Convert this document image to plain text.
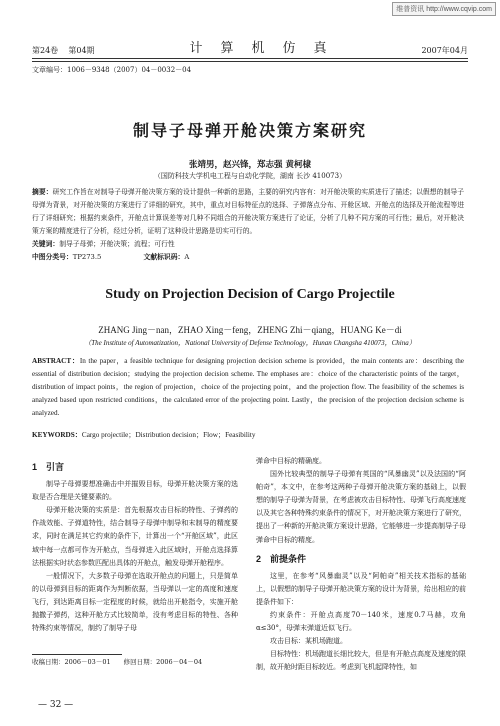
维普资讯 http://www.cqvip.com
第24卷 第04期	计算机仿真	2007年04月
文章编号：1006－9348（2007）04－0032－04
制导子母弹开舱决策方案研究
张靖男，赵兴锋，郑志强 黄柯棣
（国防科技大学机电工程与自动化学院，湖南 长沙 410073）
摘要：研究工作旨在对制导子母弹开舱决策方案的设计提供一种新的思路，主要的研究内容有：对开舱决策的实质进行了描述；以假想的制导子母弹为背景，对开舱决策的方案进行了详细的研究，其中，重点对目标特征点的选择、子弹落点分布、开舱区域、开舱点的选择及开舱流程等进行了详细研究；根据约束条件，开舱点计算误差等对几种不同组合的开舱决策方案进行了论证，分析了几种不同方案的可行性；最后，对开舱决策方案的精度进行了分析，经过分析，证明了这种设计思路是切实可行的。
关键词：制导子母弹；开舱决策；流程；可行性
中图分类号：TP273.5	文献标识码：A
Study on Projection Decision of Cargo Projectile
ZHANG Jing－nan，ZHAO Xing－feng，ZHENG Zhi－qiang，HUANG Ke－di
（The Institute of Automatization，National University of Defense Technology，Hunan Changsha 410073，China）
ABSTRACT：In the paper，a feasible technique for designing projection decision scheme is provided，the main contents are：describing the essential of distribution decision；studying the projection decision scheme. The emphases are：choice of the characteristic points of the target，distribution of impact points，the region of projection，choice of the projecting point，and the projection flow. The feasibility of the schemes is analyzed based upon restricted conditions，the calculated error of the projecting point. Lastly，the precision of the projection decision scheme is analyzed.
KEYWORDS：Cargo projectile；Distribution decision；Flow；Feasibility
1　引言

制导子母弹要想准确击中并摧毁目标，母弹开舱决策方案的选取是否合理是关键要素的。

母弹开舱决策的实质是：首先根据攻击目标的特性、子弹药的作战效能、子弹道特性，结合制导子母弹中制导和末制导的精度要求，同时在满足其它约束的条件下，计算出一个“开舱区域”，此区域中每一点都可作为开舱点，当母弹进入此区域时，开舱点选择算法根据实时状态参数匹配出具体的开舱点，触发母弹开舱程序。

一般情况下，大多数子母弹在选取开舱点的问题上，只是简单的以母弹到目标的距离作为判断依据，当母弹以一定的高度和速度飞行，到达距离目标一定程度的时候，就给出开舱指令，实施开舱抛撒子弹药，这种开舱方式比较简单，没有考虑目标的特性、各种特殊约束等情况，制约了制导子母

弹命中目标的精确度。

国外比较典型的制导子母弹有英国的“风暴幽灵”以及法国的“阿帕奇”，本文中，在参考这两种子母弹开舱决策方案的基础上，以假想的制导子母弹为背景，在考虑被攻击目标特性、母弹飞行高度速度以及其它各种特殊约束条件的情况下，对开舱决策方案进行了研究，提出了一种新的开舱决策方案设计思路，它能够进一步提高制导子母弹命中目标的精度。

2　前提条件

这里，在参考“风暴幽灵”以及“阿帕奇”相关技术指标的基础上，以假想的制导子母弹开舱决策方案的设计为背景，给出相应的前提条件如下：

约束条件：开舱点高度70－140米，速度0.7马赫，攻角α≤30°，母弹末弹道近似飞行。

攻击目标：某机场跑道。

目标特性：机场跑道长细比较大，但是有开舱点高度及速度的限制，故开舱时距目标较近。考虑到飞机起降特性，如

收稿日期：2006－03－01　　修回日期：2006－04－04
— 32 —
